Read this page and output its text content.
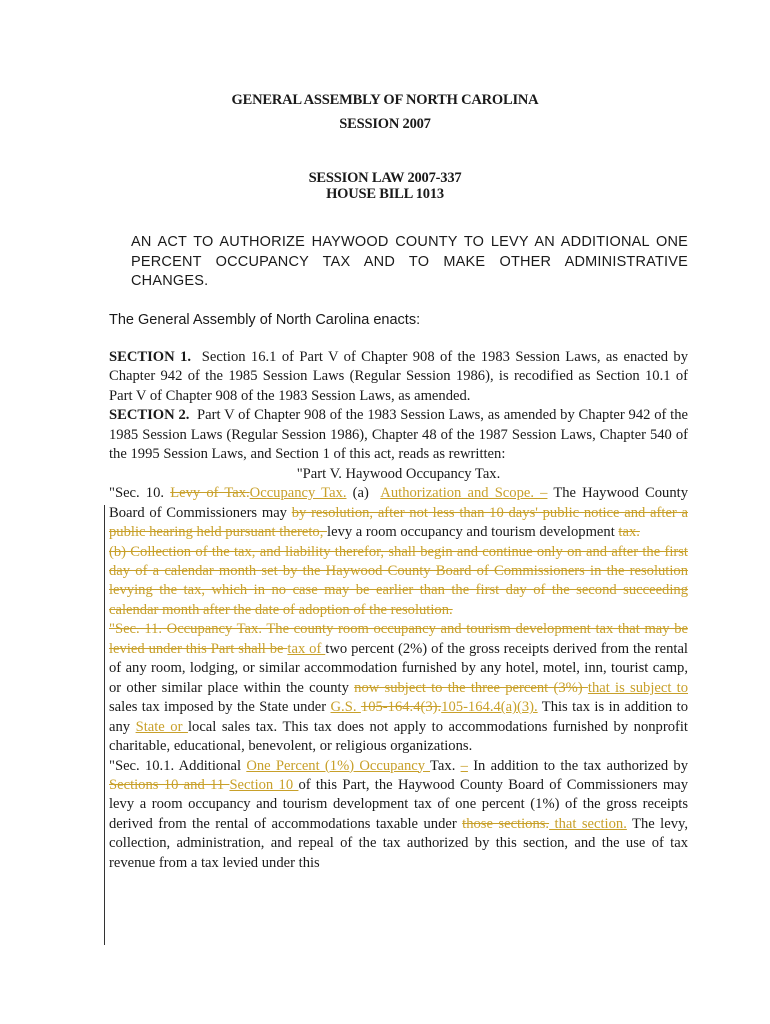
GENERAL ASSEMBLY OF NORTH CAROLINA
SESSION 2007
SESSION LAW 2007-337
HOUSE BILL 1013
AN ACT TO AUTHORIZE HAYWOOD COUNTY TO LEVY AN ADDITIONAL ONE PERCENT OCCUPANCY TAX AND TO MAKE OTHER ADMINISTRATIVE CHANGES.
The General Assembly of North Carolina enacts:

SECTION 1. Section 16.1 of Part V of Chapter 908 of the 1983 Session Laws, as enacted by Chapter 942 of the 1985 Session Laws (Regular Session 1986), is recodified as Section 10.1 of Part V of Chapter 908 of the 1983 Session Laws, as amended.

SECTION 2. Part V of Chapter 908 of the 1983 Session Laws, as amended by Chapter 942 of the 1985 Session Laws (Regular Session 1986), Chapter 48 of the 1987 Session Laws, Chapter 540 of the 1995 Session Laws, and Section 1 of this act, reads as rewritten:

"Part V. Haywood Occupancy Tax.

"Sec. 10. Levy of Tax.Occupancy Tax. (a)  Authorization and Scope. – The Haywood County Board of Commissioners may by resolution, after not less than 10 days' public notice and after a public hearing held pursuant thereto, levy a room occupancy and tourism development tax.

(b) Collection of the tax, and liability therefor, shall begin and continue only on and after the first day of a calendar month set by the Haywood County Board of Commissioners in the resolution levying the tax, which in no case may be earlier than the first day of the second succeeding calendar month after the date of adoption of the resolution.

"Sec. 11. Occupancy Tax. The county room occupancy and tourism development tax that may be levied under this Part shall be tax of two percent (2%) of the gross receipts derived from the rental of any room, lodging, or similar accommodation furnished by any hotel, motel, inn, tourist camp, or other similar place within the county now subject to the three percent (3%) that is subject to sales tax imposed by the State under G.S. 105-164.4(3).105-164.4(a)(3). This tax is in addition to any State or local sales tax. This tax does not apply to accommodations furnished by nonprofit charitable, educational, benevolent, or religious organizations.

"Sec. 10.1. Additional One Percent (1%) Occupancy Tax. – In addition to the tax authorized by Sections 10 and 11 Section 10 of this Part, the Haywood County Board of Commissioners may levy a room occupancy and tourism development tax of one percent (1%) of the gross receipts derived from the rental of accommodations taxable under those sections. that section. The levy, collection, administration, and repeal of the tax authorized by this section, and the use of tax revenue from a tax levied under this
